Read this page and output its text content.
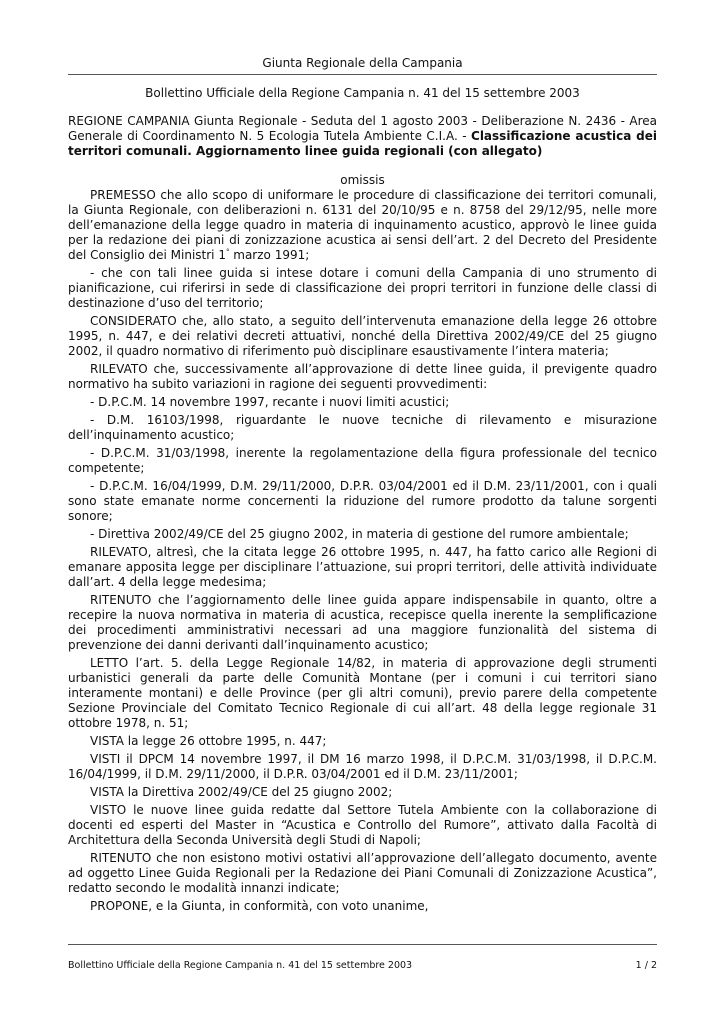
Giunta Regionale della Campania
Bollettino Ufficiale della Regione Campania n. 41 del 15 settembre 2003

REGIONE CAMPANIA Giunta Regionale - Seduta del 1 agosto 2003 - Deliberazione N. 2436 - Area Generale di Coordinamento N. 5 Ecologia Tutela Ambiente C.I.A. - Classificazione acustica dei territori comunali. Aggiornamento linee guida regionali (con allegato)

omissis

PREMESSO che allo scopo di uniformare le procedure di classificazione dei territori comunali, la Giunta Regionale, con deliberazioni n. 6131 del 20/10/95 e n. 8758 del 29/12/95, nelle more dell’emanazione della legge quadro in materia di inquinamento acustico, approvò le linee guida per la redazione dei piani di zonizzazione acustica ai sensi dell’art. 2 del Decreto del Presidente del Consiglio dei Ministri 1° marzo 1991;

- che con tali linee guida si intese dotare i comuni della Campania di uno strumento di pianificazione, cui riferirsi in sede di classificazione dei propri territori in funzione delle classi di destinazione d’uso del territorio;

CONSIDERATO che, allo stato, a seguito dell’intervenuta emanazione della legge 26 ottobre 1995, n. 447, e dei relativi decreti attuativi, nonché della Direttiva 2002/49/CE del 25 giugno 2002, il quadro normativo di riferimento può disciplinare esaustivamente l’intera materia;

RILEVATO che, successivamente all’approvazione di dette linee guida, il previgente quadro normativo ha subito variazioni in ragione dei seguenti provvedimenti:

- D.P.C.M. 14 novembre 1997, recante i nuovi limiti acustici;

- D.M. 16103/1998, riguardante le nuove tecniche di rilevamento e misurazione dell’inquinamento acustico;

- D.P.C.M. 31/03/1998, inerente la regolamentazione della figura professionale del tecnico competente;

- D.P.C.M. 16/04/1999, D.M. 29/11/2000, D.P.R. 03/04/2001 ed il D.M. 23/11/2001, con i quali sono state emanate norme concernenti la riduzione del rumore prodotto da talune sorgenti sonore;

- Direttiva 2002/49/CE del 25 giugno 2002, in materia di gestione del rumore ambientale;

RILEVATO, altresì, che la citata legge 26 ottobre 1995, n. 447, ha fatto carico alle Regioni di emanare apposita legge per disciplinare l’attuazione, sui propri territori, delle attività individuate dall’art. 4 della legge medesima;

RITENUTO che l’aggiornamento delle linee guida appare indispensabile in quanto, oltre a recepire la nuova normativa in materia di acustica, recepisce quella inerente la semplificazione dei procedimenti amministrativi necessari ad una maggiore funzionalità del sistema di prevenzione dei danni derivanti dall’inquinamento acustico;

LETTO l’art. 5. della Legge Regionale 14/82, in materia di approvazione degli strumenti urbanistici generali da parte delle Comunità Montane (per i comuni i cui territori siano interamente montani) e delle Province (per gli altri comuni), previo parere della competente Sezione Provinciale del Comitato Tecnico Regionale di cui all’art. 48 della legge regionale 31 ottobre 1978, n. 51;

VISTA la legge 26 ottobre 1995, n. 447;

VISTI il DPCM 14 novembre 1997, il DM 16 marzo 1998, il D.P.C.M. 31/03/1998, il D.P.C.M. 16/04/1999, il D.M. 29/11/2000, il D.P.R. 03/04/2001 ed il D.M. 23/11/2001;

VISTA la Direttiva 2002/49/CE del 25 giugno 2002;

VISTO le nuove linee guida redatte dal Settore Tutela Ambiente con la collaborazione di docenti ed esperti del Master in “Acustica e Controllo del Rumore”, attivato dalla Facoltà di Architettura della Seconda Università degli Studi di Napoli;

RITENUTO che non esistono motivi ostativi all’approvazione dell’allegato documento, avente ad oggetto Linee Guida Regionali per la Redazione dei Piani Comunali di Zonizzazione Acustica”, redatto secondo le modalità innanzi indicate;

PROPONE, e la Giunta, in conformità, con voto unanime,

Bollettino Ufficiale della Regione Campania n. 41 del 15 settembre 2003	1 / 2
